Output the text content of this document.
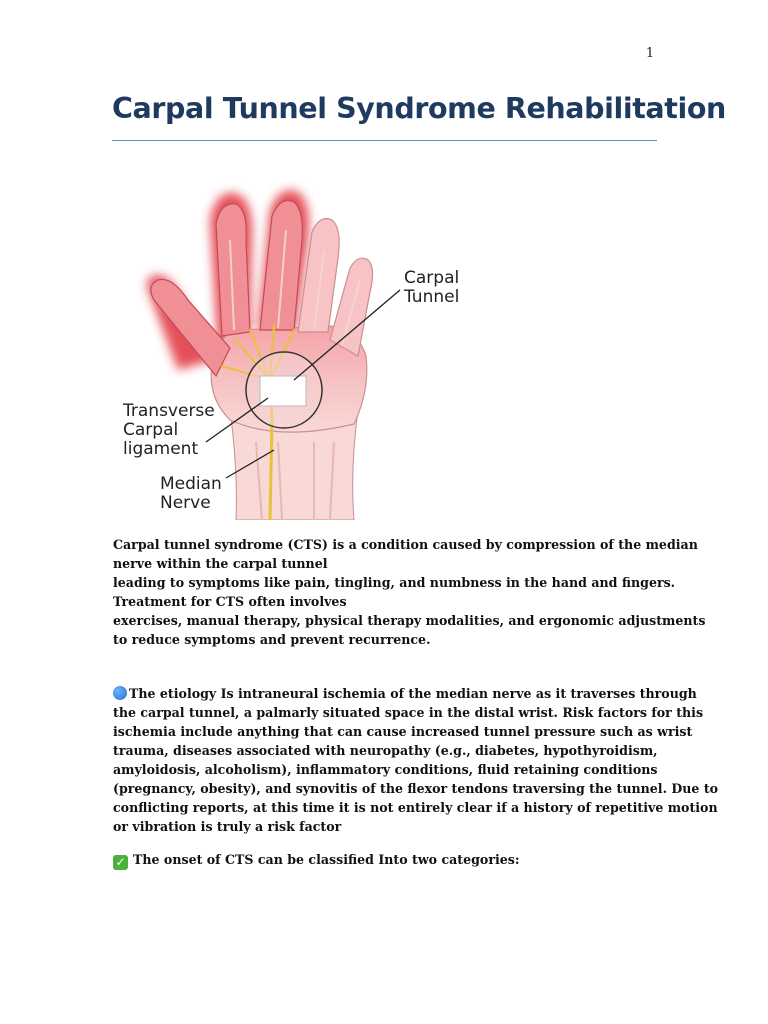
1
Carpal Tunnel Syndrome Rehabilitation
Carpal
Tunnel
Transverse
Carpal
ligament
Median
Nerve
Carpal tunnel syndrome (CTS) is a condition caused by compression of the median
nerve within the carpal tunnel
leading to symptoms like pain, tingling, and numbness in the hand and fingers.
Treatment for CTS often involves
exercises, manual therapy, physical therapy modalities, and ergonomic adjustments
to reduce symptoms and prevent recurrence.
The etiology Is intraneural ischemia of the median nerve as it traverses through
the carpal tunnel, a palmarly situated space in the distal wrist. Risk factors for this
ischemia include anything that can cause increased tunnel pressure such as wrist
trauma, diseases associated with neuropathy (e.g., diabetes, hypothyroidism,
amyloidosis, alcoholism), inflammatory conditions, fluid retaining conditions
(pregnancy, obesity), and synovitis of the flexor tendons traversing the tunnel. Due to
conflicting reports, at this time it is not entirely clear if a history of repetitive motion
or vibration is truly a risk factor
✓ The onset of CTS can be classified Into two categories:
